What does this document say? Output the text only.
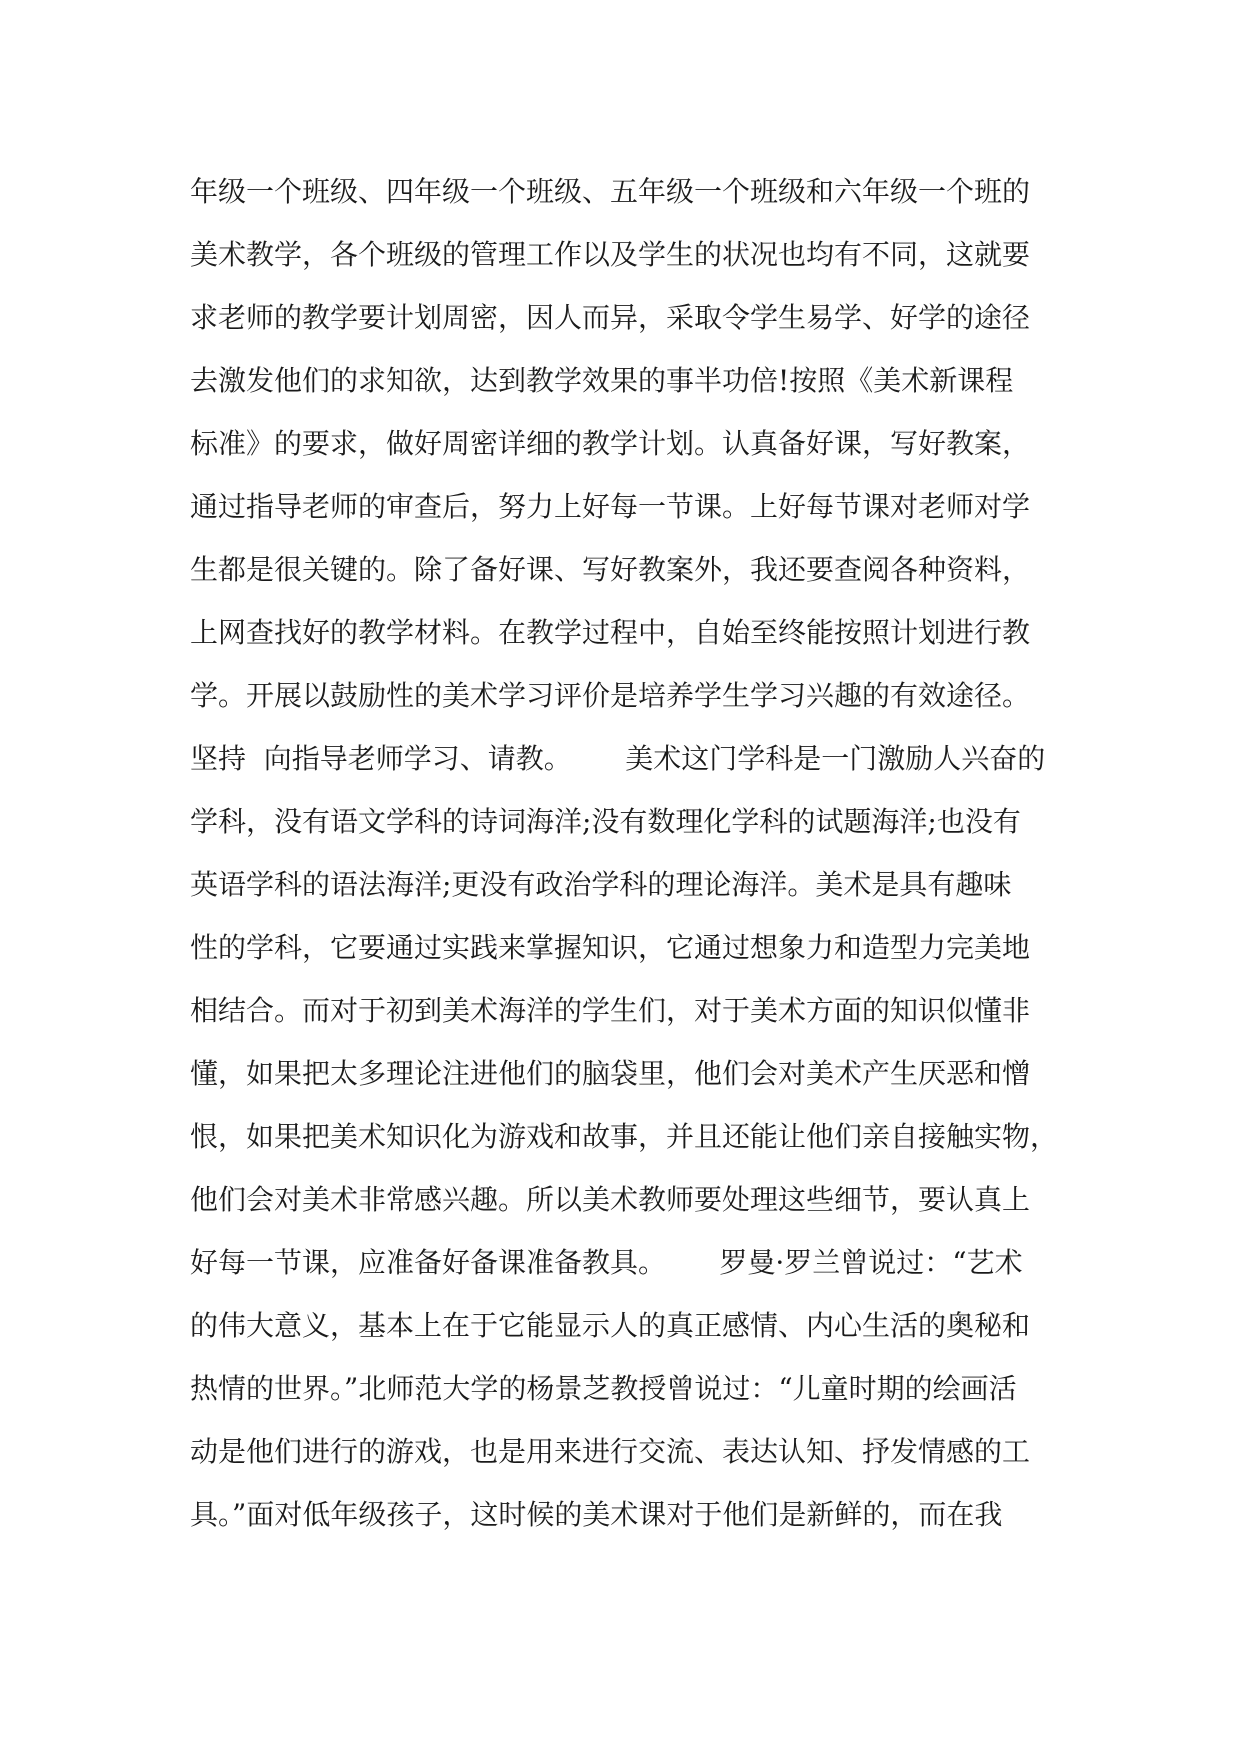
年级一个班级、四年级一个班级、五年级一个班级和六年级一个班的
美术教学，各个班级的管理工作以及学生的状况也均有不同，这就要
求老师的教学要计划周密，因人而异，采取令学生易学、好学的途径
去激发他们的求知欲，达到教学效果的事半功倍!按照《美术新课程
标准》的要求，做好周密详细的教学计划。认真备好课，写好教案，
通过指导老师的审查后，努力上好每一节课。上好每节课对老师对学
生都是很关键的。除了备好课、写好教案外，我还要查阅各种资料，
上网查找好的教学材料。在教学过程中，自始至终能按照计划进行教
学。开展以鼓励性的美术学习评价是培养学生学习兴趣的有效途径。
坚持  向指导老师学习、请教。      美术这门学科是一门激励人兴奋的
学科，没有语文学科的诗词海洋;没有数理化学科的试题海洋;也没有
英语学科的语法海洋;更没有政治学科的理论海洋。美术是具有趣味
性的学科，它要通过实践来掌握知识，它通过想象力和造型力完美地
相结合。而对于初到美术海洋的学生们，对于美术方面的知识似懂非
懂，如果把太多理论注进他们的脑袋里，他们会对美术产生厌恶和憎
恨，如果把美术知识化为游戏和故事，并且还能让他们亲自接触实物，
他们会对美术非常感兴趣。所以美术教师要处理这些细节，要认真上
好每一节课，应准备好备课准备教具。      罗曼·罗兰曾说过：“艺术
的伟大意义，基本上在于它能显示人的真正感情、内心生活的奥秘和
热情的世界。”北师范大学的杨景芝教授曾说过：“儿童时期的绘画活
动是他们进行的游戏，也是用来进行交流、表达认知、抒发情感的工
具。”面对低年级孩子，这时候的美术课对于他们是新鲜的，而在我
